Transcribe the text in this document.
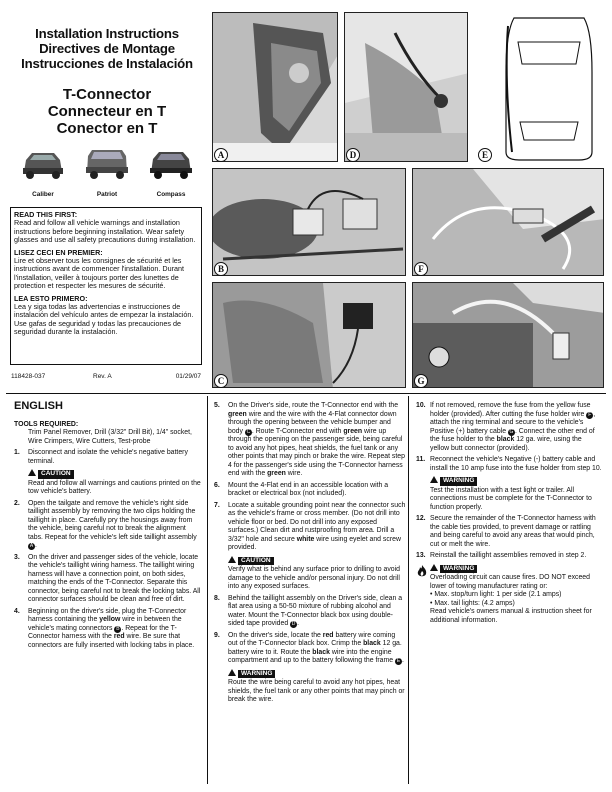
Installation Instructions
Directives de Montage
Instrucciones de Instalación
T-Connector
Connecteur en T
Conector en T
Caliber	Patriot	Compass
READ THIS FIRST:
Read and follow all vehicle warnings and installation instructions before beginning installation. Wear safety glasses and use all safety precautions during installation.
LISEZ CECI EN PREMIER:
Lire et observer tous les consignes de sécurité et les instructions avant de commencer l'installation. Durant l'installation, veiller à toujours porter des lunettes de protection et respecter les mesures de sécurité.
LEA ESTO PRIMERO:
Lea y siga todas las advertencias e instrucciones de instalación del vehículo antes de empezar la instalación. Use gafas de seguridad y todas las precauciones de seguridad durante la instalación.
118428-037	Rev. A	01/29/07
A	D	E
B	F
C	G
ENGLISH
TOOLS REQUIRED:
Trim Panel Remover, Drill (3/32" Drill Bit), 1/4" socket, Wire Crimpers, Wire Cutters, Test-probe
1. Disconnect and isolate the vehicle's negative battery terminal.
CAUTION
Read and follow all warnings and cautions printed on the tow vehicle's battery.
2. Open the tailgate and remove the vehicle's right side taillight assembly by removing the two clips holding the taillight in place. Carefully pry the housings away from the vehicle, being careful not to break the alignment tabs. Repeat for the vehicle's left side taillight assembly A .
3. On the driver and passenger sides of the vehicle, locate the vehicle's taillight wiring harness. The taillight wiring harness will have a connection point, on both sides, matching the ends of the T-Connector. Separate this connector, being careful not to break the locking tabs. All connector surfaces should be clean and free of dirt.
4. Beginning on the driver's side, plug the T-Connector harness containing the yellow wire in between the vehicle's mating connectors B . Repeat for the T-Connector harness with the red wire. Be sure that connectors are fully inserted with locking tabs in place.
5. On the Driver's side, route the T-Connector end with the green wire and the wire with the 4-Flat connector down through the opening between the vehicle bumper and body C . Route T-Connector end with green wire up through the opening on the passenger side, being careful to avoid any hot pipes, heat shields, the fuel tank or any other points that may pinch or brake the wire. Repeat step 4 for the passenger's side using the T-Connector harness end with the green wire.
6. Mount the 4-Flat end in an accessible location with a bracket or electrical box (not included).
7. Locate a suitable grounding point near the connector such as the vehicle's frame or cross member. (Do not drill into vehicle floor or bed. Do not drill into any exposed surfaces.) Clean dirt and rustproofing from area. Drill a 3/32" hole and secure white wire using eyelet and screw provided.
CAUTION
Verify what is behind any surface prior to drilling to avoid damage to the vehicle and/or personal injury. Do not drill into any exposed surfaces.
8. Behind the taillight assembly on the Driver's side, clean a flat area using a 50-50 mixture of rubbing alcohol and water. Mount the T-Connector black box using double-sided tape provided D .
9. On the driver's side, locate the red battery wire coming out of the T-Connector black box. Crimp the black 12 ga. battery wire to it. Route the black wire into the engine compartment and up to the battery following the frame E .
WARNING
Route the wire being careful to avoid any hot pipes, heat shields, the fuel tank or any other points that may pinch or break the wire.
10. If not removed, remove the fuse from the yellow fuse holder (provided). After cutting the fuse holder wire F , attach the ring terminal and secure to the vehicle's Positive (+) battery cable G . Connect the other end of the fuse holder to the black 12 ga. wire, using the yellow butt connector (provided).
11. Reconnect the vehicle's Negative (-) battery cable and install the 10 amp fuse into the fuse holder from step 10.
WARNING
Test the installation with a test light or trailer. All connections must be complete for the T-Connector to function properly.
12. Secure the remainder of the T-Connector harness with the cable ties provided, to prevent damage or rattling and being careful to avoid any areas that would pinch, cut or melt the wire.
13. Reinstall the taillight assemblies removed in step 2.
WARNING
Overloading circuit can cause fires. DO NOT exceed lower of towing manufacturer rating or:
• Max. stop/turn light: 1 per side (2.1 amps)
• Max. tail lights: (4.2 amps)
Read vehicle's owners manual & instruction sheet for additional information.
